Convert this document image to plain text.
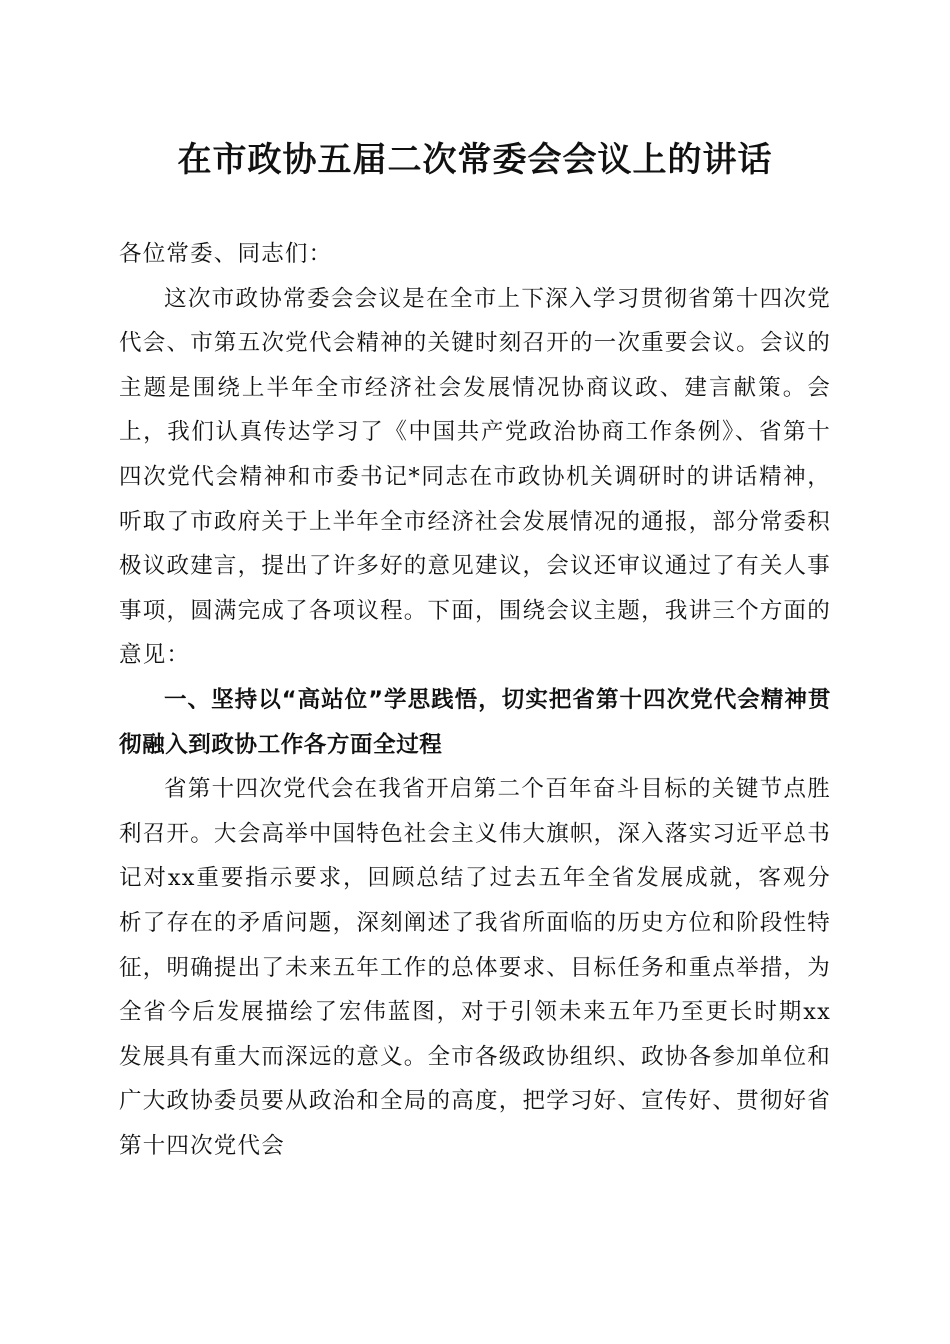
在市政协五届二次常委会会议上的讲话

各位常委、同志们：

这次市政协常委会会议是在全市上下深入学习贯彻省第十四次党代会、市第五次党代会精神的关键时刻召开的一次重要会议。会议的主题是围绕上半年全市经济社会发展情况协商议政、建言献策。会上，我们认真传达学习了《中国共产党政治协商工作条例》、省第十四次党代会精神和市委书记*同志在市政协机关调研时的讲话精神，听取了市政府关于上半年全市经济社会发展情况的通报，部分常委积极议政建言，提出了许多好的意见建议，会议还审议通过了有关人事事项，圆满完成了各项议程。下面，围绕会议主题，我讲三个方面的意见：

一、坚持以“高站位”学思践悟，切实把省第十四次党代会精神贯彻融入到政协工作各方面全过程

省第十四次党代会在我省开启第二个百年奋斗目标的关键节点胜利召开。大会高举中国特色社会主义伟大旗帜，深入落实习近平总书记对xx重要指示要求，回顾总结了过去五年全省发展成就，客观分析了存在的矛盾问题，深刻阐述了我省所面临的历史方位和阶段性特征，明确提出了未来五年工作的总体要求、目标任务和重点举措，为全省今后发展描绘了宏伟蓝图，对于引领未来五年乃至更长时期xx发展具有重大而深远的意义。全市各级政协组织、政协各参加单位和广大政协委员要从政治和全局的高度，把学习好、宣传好、贯彻好省第十四次党代会
